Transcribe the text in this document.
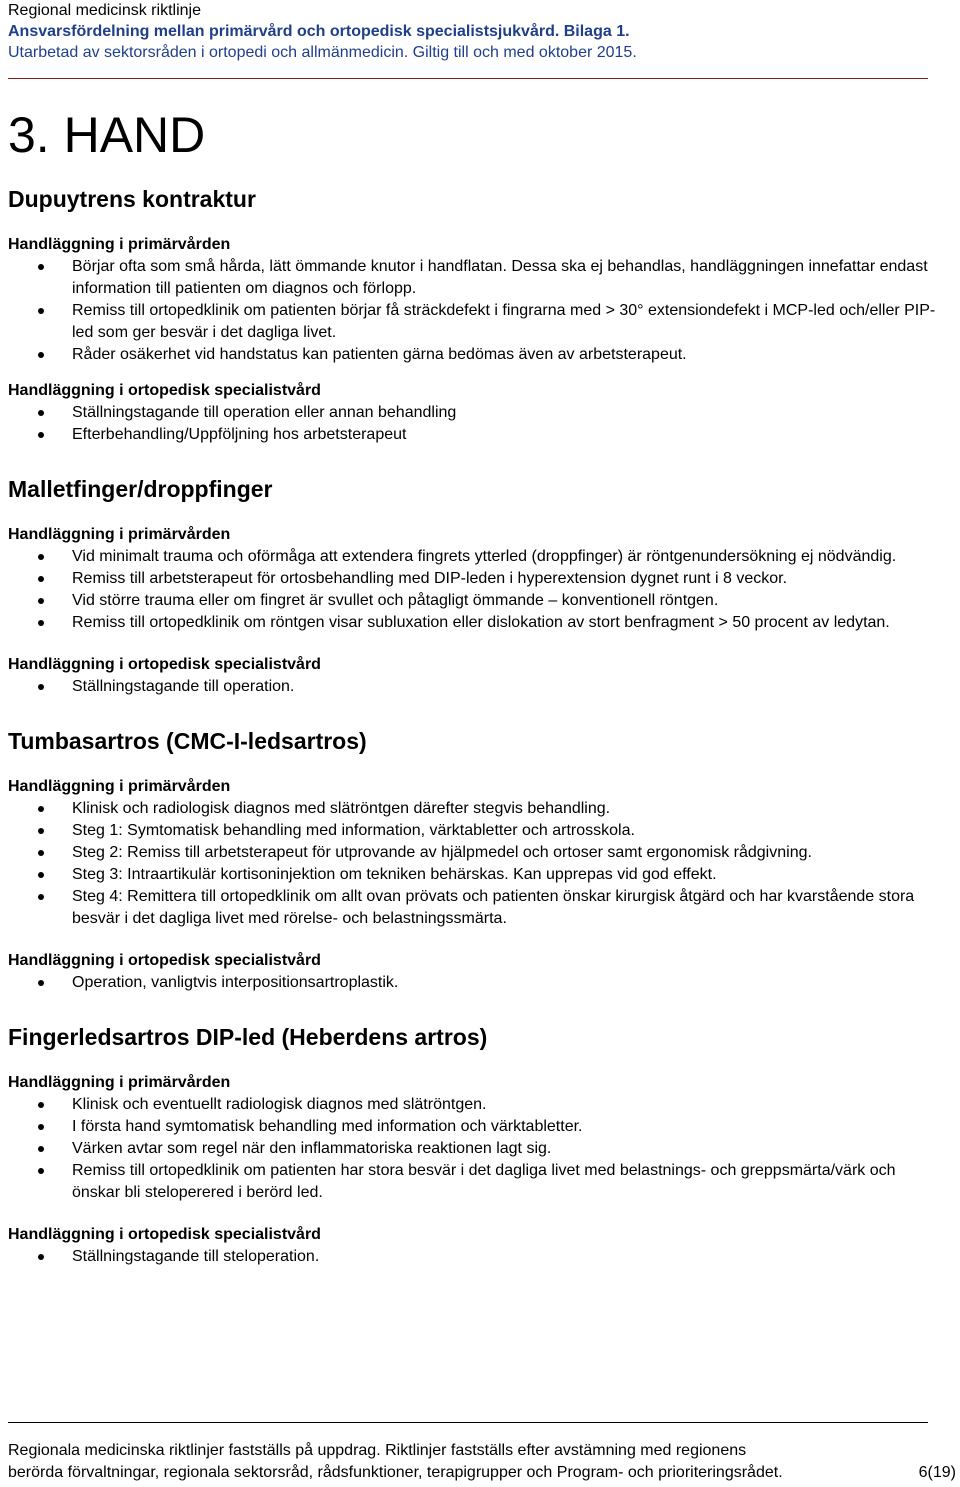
Regional medicinsk riktlinje
Ansvarsfördelning mellan primärvård och ortopedisk specialistsjukvård. Bilaga 1.
Utarbetad av sektorsråden i ortopedi och allmänmedicin. Giltig till och med oktober 2015.
3. HAND
Dupuytrens kontraktur
Handläggning i primärvården
Börjar ofta som små hårda, lätt ömmande knutor i handflatan. Dessa ska ej behandlas, handläggningen innefattar endast information till patienten om diagnos och förlopp.
Remiss till ortopedklinik om patienten börjar få sträckdefekt i fingrarna med > 30° extensiondefekt i MCP-led och/eller PIP-led som ger besvär i det dagliga livet.
Råder osäkerhet vid handstatus kan patienten gärna bedömas även av arbetsterapeut.
Handläggning i ortopedisk specialistvård
Ställningstagande till operation eller annan behandling
Efterbehandling/Uppföljning hos arbetsterapeut
Malletfinger/droppfinger
Handläggning i primärvården
Vid minimalt trauma och oförmåga att extendera fingrets ytterled (droppfinger) är röntgenundersökning ej nödvändig.
Remiss till arbetsterapeut för ortosbehandling med DIP-leden i hyperextension dygnet runt i 8 veckor.
Vid större trauma eller om fingret är svullet och påtagligt ömmande – konventionell röntgen.
Remiss till ortopedklinik om röntgen visar subluxation eller dislokation av stort benfragment > 50 procent av ledytan.
Handläggning i ortopedisk specialistvård
Ställningstagande till operation.
Tumbasartros (CMC-I-ledsartros)
Handläggning i primärvården
Klinisk och radiologisk diagnos med slätröntgen därefter stegvis behandling.
Steg 1: Symtomatisk behandling med information, värktabletter och artrosskola.
Steg 2: Remiss till arbetsterapeut för utprovande av hjälpmedel och ortoser samt ergonomisk rådgivning.
Steg 3: Intraartikulär kortisoninjektion om tekniken behärskas. Kan upprepas vid god effekt.
Steg 4: Remittera till ortopedklinik om allt ovan prövats och patienten önskar kirurgisk åtgärd och har kvarstående stora besvär i det dagliga livet med rörelse- och belastningssmärta.
Handläggning i ortopedisk specialistvård
Operation, vanligtvis interpositionsartroplastik.
Fingerledsartros DIP-led (Heberdens artros)
Handläggning i primärvården
Klinisk och eventuellt radiologisk diagnos med slätröntgen.
I första hand symtomatisk behandling med information och värktabletter.
Värken avtar som regel när den inflammatoriska reaktionen lagt sig.
Remiss till ortopedklinik om patienten har stora besvär i det dagliga livet med belastnings- och greppsmärta/värk och önskar bli steloperered i berörd led.
Handläggning i ortopedisk specialistvård
Ställningstagande till steloperation.
Regionala medicinska riktlinjer fastställs på uppdrag. Riktlinjer fastställs efter avstämning med regionens
berörda förvaltningar, regionala sektorsråd, rådsfunktioner, terapigrupper och Program- och prioriteringsrådet.	6(19)
